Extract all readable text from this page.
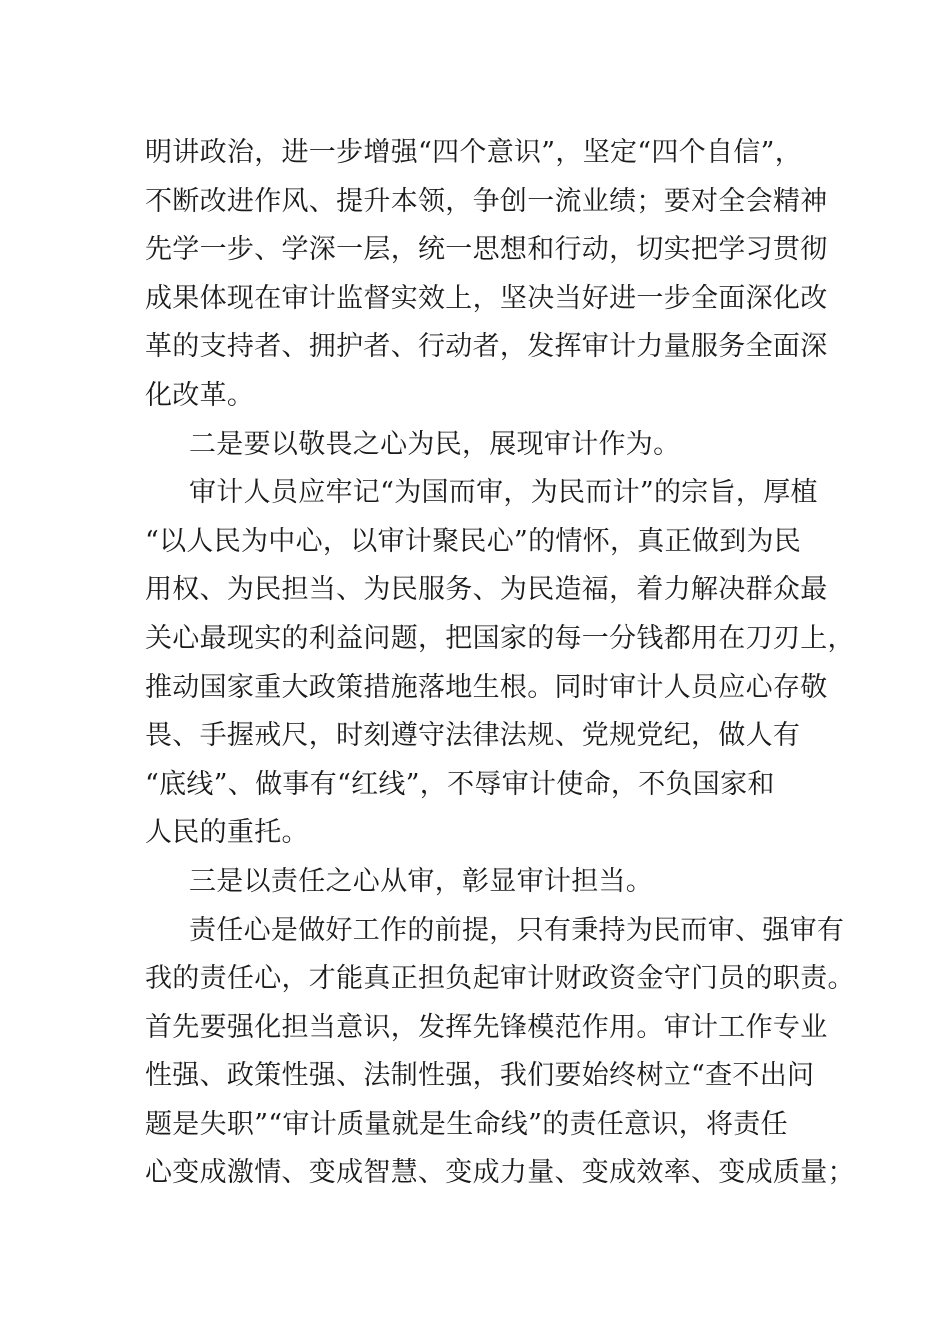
明讲政治，进一步增强“四个意识”，坚定“四个自信”，
不断改进作风、提升本领，争创一流业绩；要对全会精神
先学一步、学深一层，统一思想和行动，切实把学习贯彻
成果体现在审计监督实效上，坚决当好进一步全面深化改
革的支持者、拥护者、行动者，发挥审计力量服务全面深
化改革。
二是要以敬畏之心为民，展现审计作为。
审计人员应牢记“为国而审，为民而计”的宗旨，厚植
“以人民为中心，以审计聚民心”的情怀，真正做到为民
用权、为民担当、为民服务、为民造福，着力解决群众最
关心最现实的利益问题，把国家的每一分钱都用在刀刃上，
推动国家重大政策措施落地生根。同时审计人员应心存敬
畏、手握戒尺，时刻遵守法律法规、党规党纪，做人有
“底线”、做事有“红线”，不辱审计使命，不负国家和
人民的重托。
三是以责任之心从审，彰显审计担当。
责任心是做好工作的前提，只有秉持为民而审、强审有
我的责任心，才能真正担负起审计财政资金守门员的职责。
首先要强化担当意识，发挥先锋模范作用。审计工作专业
性强、政策性强、法制性强，我们要始终树立“查不出问
题是失职”“审计质量就是生命线”的责任意识，将责任
心变成激情、变成智慧、变成力量、变成效率、变成质量；
